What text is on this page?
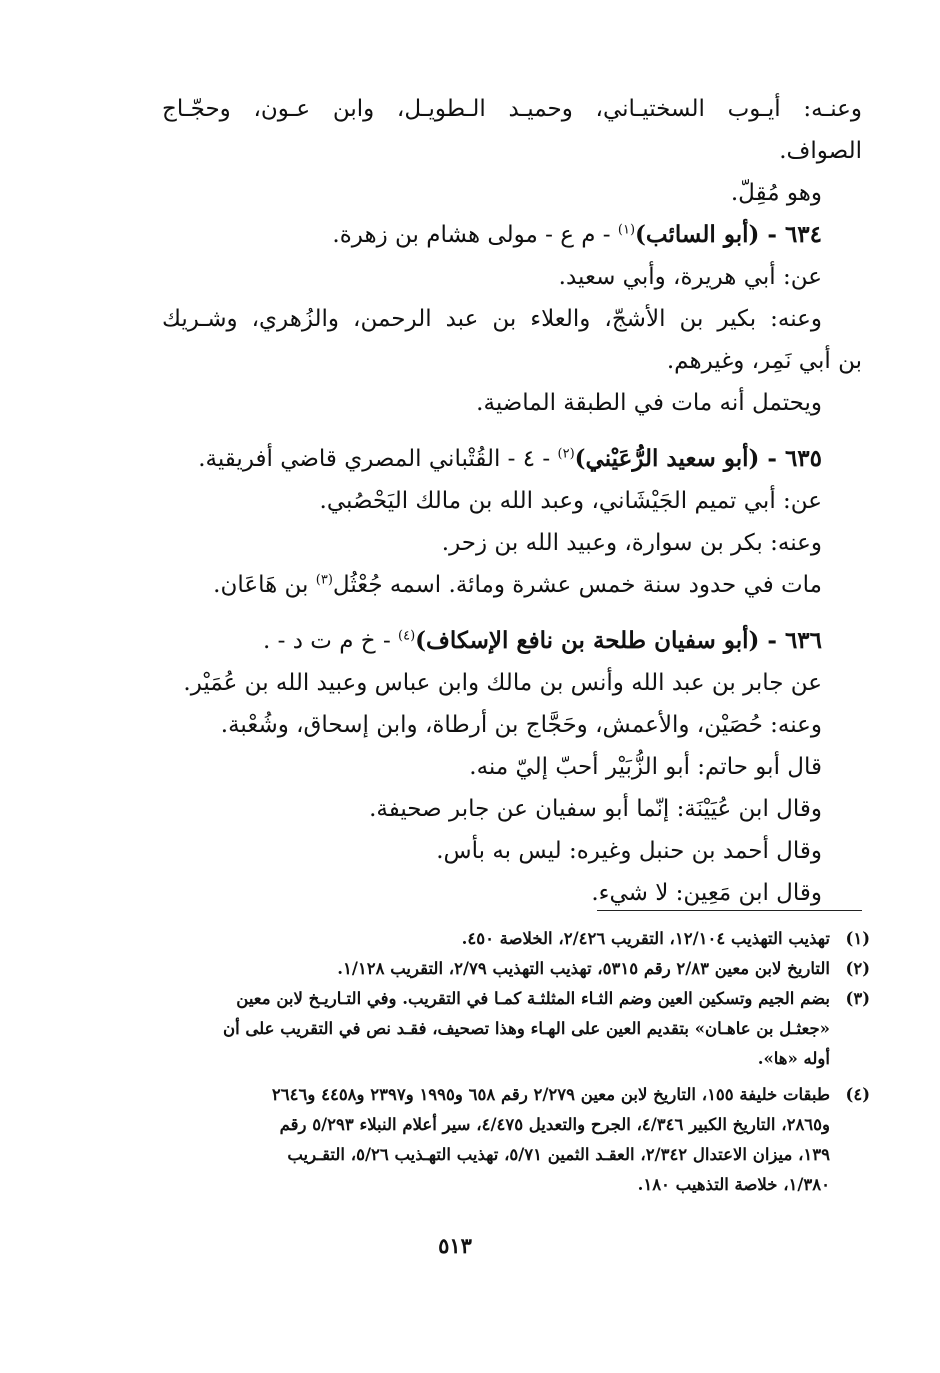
وعنـه: أيـوب السختيـاني، وحميـد الـطويـل، وابن عـون، وحجّـاج
الصواف.
وهو مُقِلّ.
٦٣٤ - (أبو السائب)$^{(١)}$ - م ع - مولى هشام بن زهرة.
عن: أبي هريرة، وأبي سعيد.
وعنه: بكير بن الأشجّ، والعلاء بن عبد الرحمن، والزُهري، وشـريك
بن أبي نَمِر، وغيرهم.
ويحتمل أنه مات في الطبقة الماضية.
٦٣٥ - (أبو سعيد الرُّعَيْني)$^{(٢)}$ - ٤ - القُتْباني المصري قاضي أفريقية.
عن: أبي تميم الجَيْشَاني، وعبد الله بن مالك اليَحْصُبي.
وعنه: بكر بن سوارة، وعبيد الله بن زحر.
مات في حدود سنة خمس عشرة ومائة. اسمه جُعْثُل$^{(٣)}$ بن هَاعَان.
٦٣٦ - (أبو سفيان طلحة بن نافع الإسكاف)$^{(٤)}$ - خ م ت د - .
عن جابر بن عبد الله وأنس بن مالك وابن عباس وعبيد الله بن عُمَيْر.
وعنه: حُصَيْن، والأعمش، وحَجَّاج بن أرطاة، وابن إسحاق، وشُعْبة.
قال أبو حاتم: أبو الزُّبَيْر أحبّ إليّ منه.
وقال ابن عُيَيْنَة: إنّما أبو سفيان عن جابر صحيفة.
وقال أحمد بن حنبل وغيره: ليس به بأس.
وقال ابن مَعِين: لا شيء.
(١)
تهذيب التهذيب ١٢/١٠٤، التقريب ٢/٤٢٦، الخلاصة ٤٥٠.
(٢)
التاريخ لابن معين ٢/٨٣ رقم ٥٣١٥، تهذيب التهذيب ٢/٧٩، التقريب ١/١٢٨.
(٣)
بضم الجيم وتسكين العين وضم الثـاء المثلثـة كمـا في التقريب. وفي التـاريـخ لابن معين
«جعثـل بن عاهـان» بتقديم العين على الهـاء وهذا تصحيف، فقـد نص في التقريب على أن
أوله «ها».
(٤)
طبقات خليفة ١٥٥، التاريخ لابن معين ٢/٢٧٩ رقم ٦٥٨ و١٩٩٥ و٢٣٩٧ و٤٤٥٨ و٢٦٤٦
و٢٨٦٥، التاريخ الكبير ٤/٣٤٦، الجرح والتعديل ٤/٤٧٥، سير أعلام النبلاء ٥/٢٩٣ رقم
١٣٩، ميزان الاعتدال ٢/٣٤٢، العقـد الثمين ٥/٧١، تهذيب التهـذيب ٥/٢٦، التقـريب
١/٣٨٠، خلاصة التذهيب ١٨٠.
٥١٣
